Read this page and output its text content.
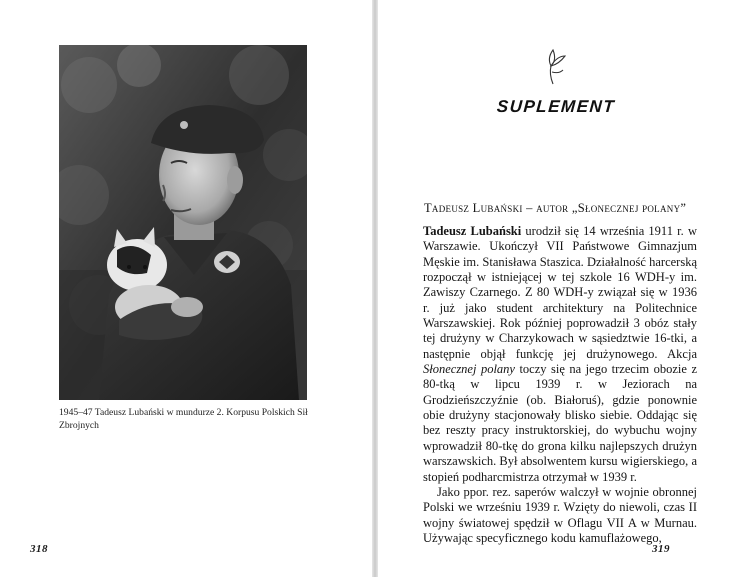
1945–47 Tadeusz Lubański w mundurze 2. Korpusu Polskich Sił Zbrojnych
318
SUPLEMENT
Tadeusz Lubański – autor „Słonecznej polany”

Tadeusz Lubański urodził się 14 września 1911 r. w Warszawie. Ukończył VII Państwowe Gimnazjum Męskie im. Stanisława Staszica. Działalność harcerską rozpoczął w istniejącej w tej szkole 16 WDH-y im. Zawiszy Czarnego. Z 80 WDH-y związał się w 1936 r. już jako student architektury na Politechnice Warszawskiej. Rok później poprowadził 3 obóz stały tej drużyny w Charzykowach w sąsiedztwie 16-tki, a następnie objął funkcję jej drużynowego. Akcja Słonecznej polany toczy się na jego trzecim obozie z 80-tką w lipcu 1939 r. w Jeziorach na Grodzieńszczyźnie (ob. Białoruś), gdzie ponownie obie drużyny stacjonowały blisko siebie. Oddając się bez reszty pracy instruktorskiej, do wybuchu wojny wprowadził 80-tkę do grona kilku najlepszych drużyn warszawskich. Był absolwentem kursu wigierskiego, a stopień podharcmistrza otrzymał w 1939 r.

Jako ppor. rez. saperów walczył w wojnie obronnej Polski we wrześniu 1939 r. Wzięty do niewoli, czas II wojny światowej spędził w Oflagu VII A w Murnau. Używając specyficznego kodu kamuflażowego,

319
